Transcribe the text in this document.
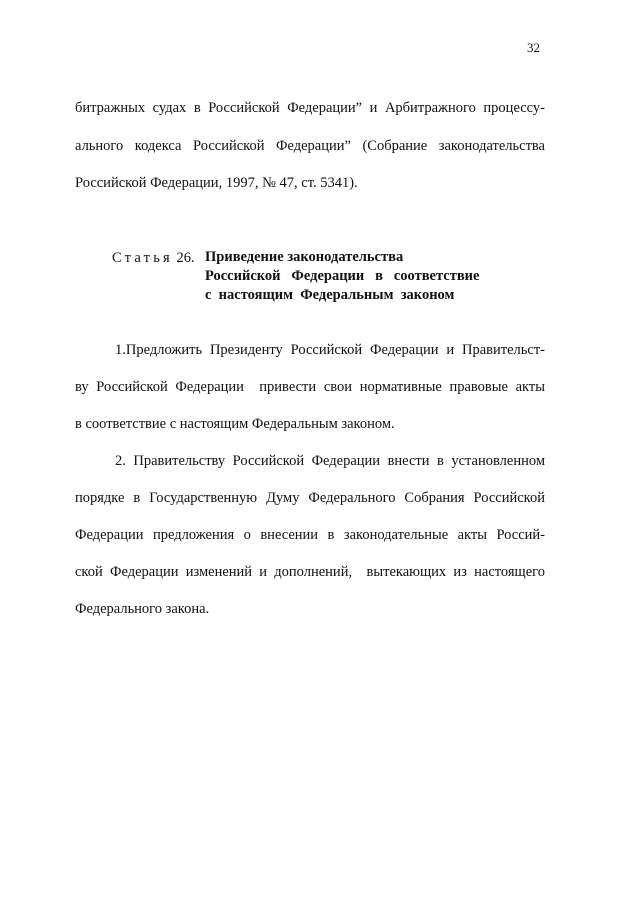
32
битражных судах в Российской Федерации” и Арбитражного процессу-
ального кодекса Российской Федерации” (Собрание законодательства
Российской Федерации, 1997, № 47, ст. 5341).
Статья 26. Приведение законодательства
Российской   Федерации   в   соответствие
с  настоящим  Федеральным  законом
1.Предложить Президенту Российской Федерации и Правительст-
ву Российской Федерации  привести свои нормативные правовые акты
в соответствие с настоящим Федеральным законом.
2. Правительству Российской Федерации внести в установленном
порядке в Государственную Думу Федерального Собрания Российской
Федерации предложения о внесении в законодательные акты Россий-
ской Федерации изменений и дополнений,  вытекающих из настоящего
Федерального закона.
